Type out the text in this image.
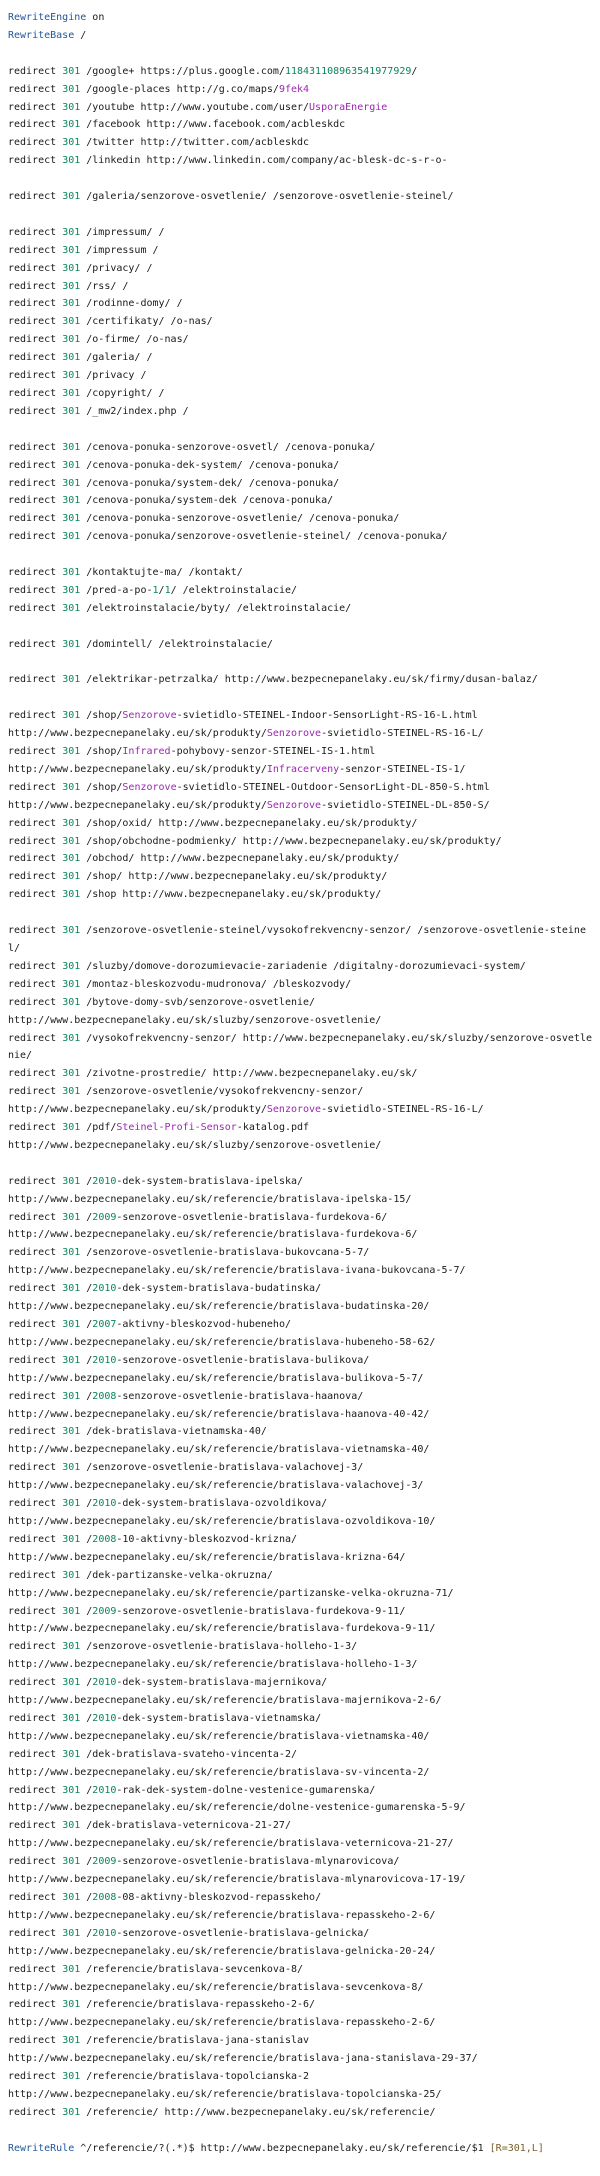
RewriteEngine on
RewriteBase /
redirect 301 /google+ https://plus.google.com/118431108963541977929/
redirect 301 /google-places http://g.co/maps/9fek4
redirect 301 /youtube http://www.youtube.com/user/UsporaEnergie
redirect 301 /facebook http://www.facebook.com/acbleskdc
redirect 301 /twitter http://twitter.com/acbleskdc
redirect 301 /linkedin http://www.linkedin.com/company/ac-blesk-dc-s-r-o-
redirect 301 /galeria/senzorove-osvetlenie/ /senzorove-osvetlenie-steinel/
redirect 301 /impressum/ /
redirect 301 /impressum /
redirect 301 /privacy/ /
redirect 301 /rss/ /
redirect 301 /rodinne-domy/ /
redirect 301 /certifikaty/ /o-nas/
redirect 301 /o-firme/ /o-nas/
redirect 301 /galeria/ /
redirect 301 /privacy /
redirect 301 /copyright/ /
redirect 301 /_mw2/index.php /
redirect 301 /cenova-ponuka-senzorove-osvetl/ /cenova-ponuka/
redirect 301 /cenova-ponuka-dek-system/ /cenova-ponuka/
redirect 301 /cenova-ponuka/system-dek/ /cenova-ponuka/
redirect 301 /cenova-ponuka/system-dek /cenova-ponuka/
redirect 301 /cenova-ponuka-senzorove-osvetlenie/ /cenova-ponuka/
redirect 301 /cenova-ponuka/senzorove-osvetlenie-steinel/ /cenova-ponuka/
redirect 301 /kontaktujte-ma/ /kontakt/
redirect 301 /pred-a-po-1/1/ /elektroinstalacie/
redirect 301 /elektroinstalacie/byty/ /elektroinstalacie/
redirect 301 /domintell/ /elektroinstalacie/
redirect 301 /elektrikar-petrzalka/ http://www.bezpecnepanelaky.eu/sk/firmy/dusan-balaz/
redirect 301 /shop/Senzorove-svietidlo-STEINEL-Indoor-SensorLight-RS-16-L.html
http://www.bezpecnepanelaky.eu/sk/produkty/Senzorove-svietidlo-STEINEL-RS-16-L/
redirect 301 /shop/Infrared-pohybovy-senzor-STEINEL-IS-1.html
http://www.bezpecnepanelaky.eu/sk/produkty/Infracerveny-senzor-STEINEL-IS-1/
redirect 301 /shop/Senzorove-svietidlo-STEINEL-Outdoor-SensorLight-DL-850-S.html
http://www.bezpecnepanelaky.eu/sk/produkty/Senzorove-svietidlo-STEINEL-DL-850-S/
redirect 301 /shop/oxid/ http://www.bezpecnepanelaky.eu/sk/produkty/
redirect 301 /shop/obchodne-podmienky/ http://www.bezpecnepanelaky.eu/sk/produkty/
redirect 301 /obchod/ http://www.bezpecnepanelaky.eu/sk/produkty/
redirect 301 /shop/ http://www.bezpecnepanelaky.eu/sk/produkty/
redirect 301 /shop http://www.bezpecnepanelaky.eu/sk/produkty/
redirect 301 /senzorove-osvetlenie-steinel/vysokofrekvencny-senzor/ /senzorove-osvetlenie-steinel/
redirect 301 /sluzby/domove-dorozumievacie-zariadenie /digitalny-dorozumievaci-system/
redirect 301 /montaz-bleskozvodu-mudronova/ /bleskozvody/
redirect 301 /bytove-domy-svb/senzorove-osvetlenie/
http://www.bezpecnepanelaky.eu/sk/sluzby/senzorove-osvetlenie/
redirect 301 /vysokofrekvencny-senzor/ http://www.bezpecnepanelaky.eu/sk/sluzby/senzorove-osvetlenie/
redirect 301 /zivotne-prostredie/ http://www.bezpecnepanelaky.eu/sk/
redirect 301 /senzorove-osvetlenie/vysokofrekvencny-senzor/
http://www.bezpecnepanelaky.eu/sk/produkty/Senzorove-svietidlo-STEINEL-RS-16-L/
redirect 301 /pdf/Steinel-Profi-Sensor-katalog.pdf
http://www.bezpecnepanelaky.eu/sk/sluzby/senzorove-osvetlenie/
redirect 301 /2010-dek-system-bratislava-ipelska/
http://www.bezpecnepanelaky.eu/sk/referencie/bratislava-ipelska-15/
redirect 301 /2009-senzorove-osvetlenie-bratislava-furdekova-6/
http://www.bezpecnepanelaky.eu/sk/referencie/bratislava-furdekova-6/
redirect 301 /senzorove-osvetlenie-bratislava-bukovcana-5-7/
http://www.bezpecnepanelaky.eu/sk/referencie/bratislava-ivana-bukovcana-5-7/
redirect 301 /2010-dek-system-bratislava-budatinska/
http://www.bezpecnepanelaky.eu/sk/referencie/bratislava-budatinska-20/
redirect 301 /2007-aktivny-bleskozvod-hubeneho/
http://www.bezpecnepanelaky.eu/sk/referencie/bratislava-hubeneho-58-62/
redirect 301 /2010-senzorove-osvetlenie-bratislava-bulikova/
http://www.bezpecnepanelaky.eu/sk/referencie/bratislava-bulikova-5-7/
redirect 301 /2008-senzorove-osvetlenie-bratislava-haanova/
http://www.bezpecnepanelaky.eu/sk/referencie/bratislava-haanova-40-42/
redirect 301 /dek-bratislava-vietnamska-40/
http://www.bezpecnepanelaky.eu/sk/referencie/bratislava-vietnamska-40/
redirect 301 /senzorove-osvetlenie-bratislava-valachovej-3/
http://www.bezpecnepanelaky.eu/sk/referencie/bratislava-valachovej-3/
redirect 301 /2010-dek-system-bratislava-ozvoldikova/
http://www.bezpecnepanelaky.eu/sk/referencie/bratislava-ozvoldikova-10/
redirect 301 /2008-10-aktivny-bleskozvod-krizna/
http://www.bezpecnepanelaky.eu/sk/referencie/bratislava-krizna-64/
redirect 301 /dek-partizanske-velka-okruzna/
http://www.bezpecnepanelaky.eu/sk/referencie/partizanske-velka-okruzna-71/
redirect 301 /2009-senzorove-osvetlenie-bratislava-furdekova-9-11/
http://www.bezpecnepanelaky.eu/sk/referencie/bratislava-furdekova-9-11/
redirect 301 /senzorove-osvetlenie-bratislava-holleho-1-3/
http://www.bezpecnepanelaky.eu/sk/referencie/bratislava-holleho-1-3/
redirect 301 /2010-dek-system-bratislava-majernikova/
http://www.bezpecnepanelaky.eu/sk/referencie/bratislava-majernikova-2-6/
redirect 301 /2010-dek-system-bratislava-vietnamska/
http://www.bezpecnepanelaky.eu/sk/referencie/bratislava-vietnamska-40/
redirect 301 /dek-bratislava-svateho-vincenta-2/
http://www.bezpecnepanelaky.eu/sk/referencie/bratislava-sv-vincenta-2/
redirect 301 /2010-rak-dek-system-dolne-vestenice-gumarenska/
http://www.bezpecnepanelaky.eu/sk/referencie/dolne-vestenice-gumarenska-5-9/
redirect 301 /dek-bratislava-veternicova-21-27/
http://www.bezpecnepanelaky.eu/sk/referencie/bratislava-veternicova-21-27/
redirect 301 /2009-senzorove-osvetlenie-bratislava-mlynarovicova/
http://www.bezpecnepanelaky.eu/sk/referencie/bratislava-mlynarovicova-17-19/
redirect 301 /2008-08-aktivny-bleskozvod-repasskeho/
http://www.bezpecnepanelaky.eu/sk/referencie/bratislava-repasskeho-2-6/
redirect 301 /2010-senzorove-osvetlenie-bratislava-gelnicka/
http://www.bezpecnepanelaky.eu/sk/referencie/bratislava-gelnicka-20-24/
redirect 301 /referencie/bratislava-sevcenkova-8/
http://www.bezpecnepanelaky.eu/sk/referencie/bratislava-sevcenkova-8/
redirect 301 /referencie/bratislava-repasskeho-2-6/
http://www.bezpecnepanelaky.eu/sk/referencie/bratislava-repasskeho-2-6/
redirect 301 /referencie/bratislava-jana-stanislav
http://www.bezpecnepanelaky.eu/sk/referencie/bratislava-jana-stanislava-29-37/
redirect 301 /referencie/bratislava-topolcianska-2
http://www.bezpecnepanelaky.eu/sk/referencie/bratislava-topolcianska-25/
redirect 301 /referencie/ http://www.bezpecnepanelaky.eu/sk/referencie/
RewriteRule ^/referencie/?(.*)$ http://www.bezpecnepanelaky.eu/sk/referencie/$1 [R=301,L]
